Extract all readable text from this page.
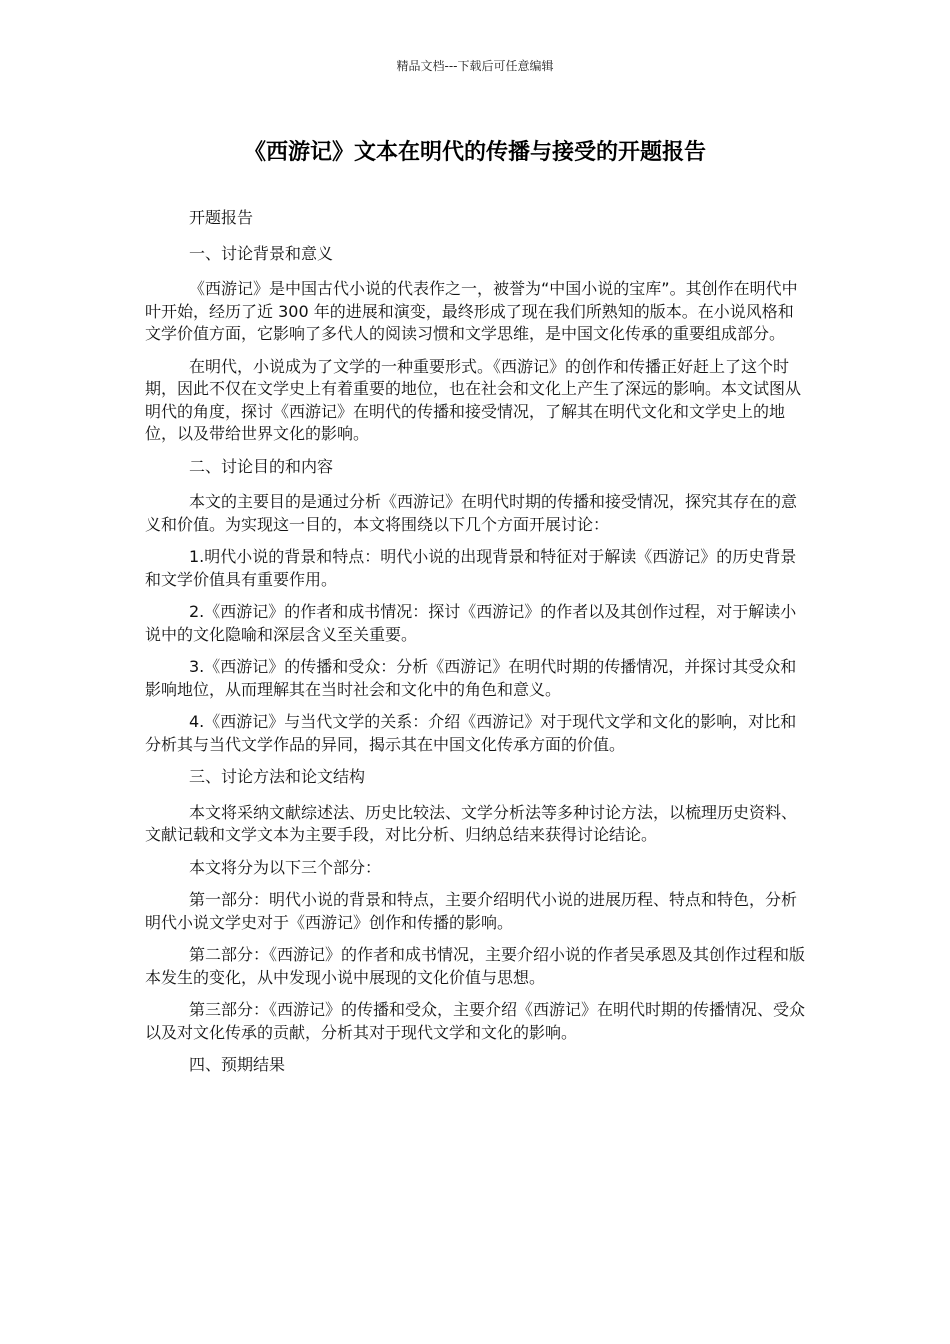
精品文档---下载后可任意编辑
《西游记》文本在明代的传播与接受的开题报告

开题报告

一、讨论背景和意义

《西游记》是中国古代小说的代表作之一，被誉为“中国小说的宝库”。其创作在明代中叶开始，经历了近 300 年的进展和演变，最终形成了现在我们所熟知的版本。在小说风格和文学价值方面，它影响了多代人的阅读习惯和文学思维，是中国文化传承的重要组成部分。

在明代，小说成为了文学的一种重要形式。《西游记》的创作和传播正好赶上了这个时期，因此不仅在文学史上有着重要的地位，也在社会和文化上产生了深远的影响。本文试图从明代的角度，探讨《西游记》在明代的传播和接受情况，了解其在明代文化和文学史上的地位，以及带给世界文化的影响。

二、讨论目的和内容

本文的主要目的是通过分析《西游记》在明代时期的传播和接受情况，探究其存在的意义和价值。为实现这一目的，本文将围绕以下几个方面开展讨论：

1.明代小说的背景和特点：明代小说的出现背景和特征对于解读《西游记》的历史背景和文学价值具有重要作用。

2.《西游记》的作者和成书情况：探讨《西游记》的作者以及其创作过程，对于解读小说中的文化隐喻和深层含义至关重要。

3.《西游记》的传播和受众：分析《西游记》在明代时期的传播情况，并探讨其受众和影响地位，从而理解其在当时社会和文化中的角色和意义。

4.《西游记》与当代文学的关系：介绍《西游记》对于现代文学和文化的影响，对比和分析其与当代文学作品的异同，揭示其在中国文化传承方面的价值。

三、讨论方法和论文结构

本文将采纳文献综述法、历史比较法、文学分析法等多种讨论方法，以梳理历史资料、文献记载和文学文本为主要手段，对比分析、归纳总结来获得讨论结论。

本文将分为以下三个部分：

第一部分：明代小说的背景和特点，主要介绍明代小说的进展历程、特点和特色，分析明代小说文学史对于《西游记》创作和传播的影响。

第二部分：《西游记》的作者和成书情况，主要介绍小说的作者吴承恩及其创作过程和版本发生的变化，从中发现小说中展现的文化价值与思想。

第三部分：《西游记》的传播和受众，主要介绍《西游记》在明代时期的传播情况、受众以及对文化传承的贡献，分析其对于现代文学和文化的影响。

四、预期结果
